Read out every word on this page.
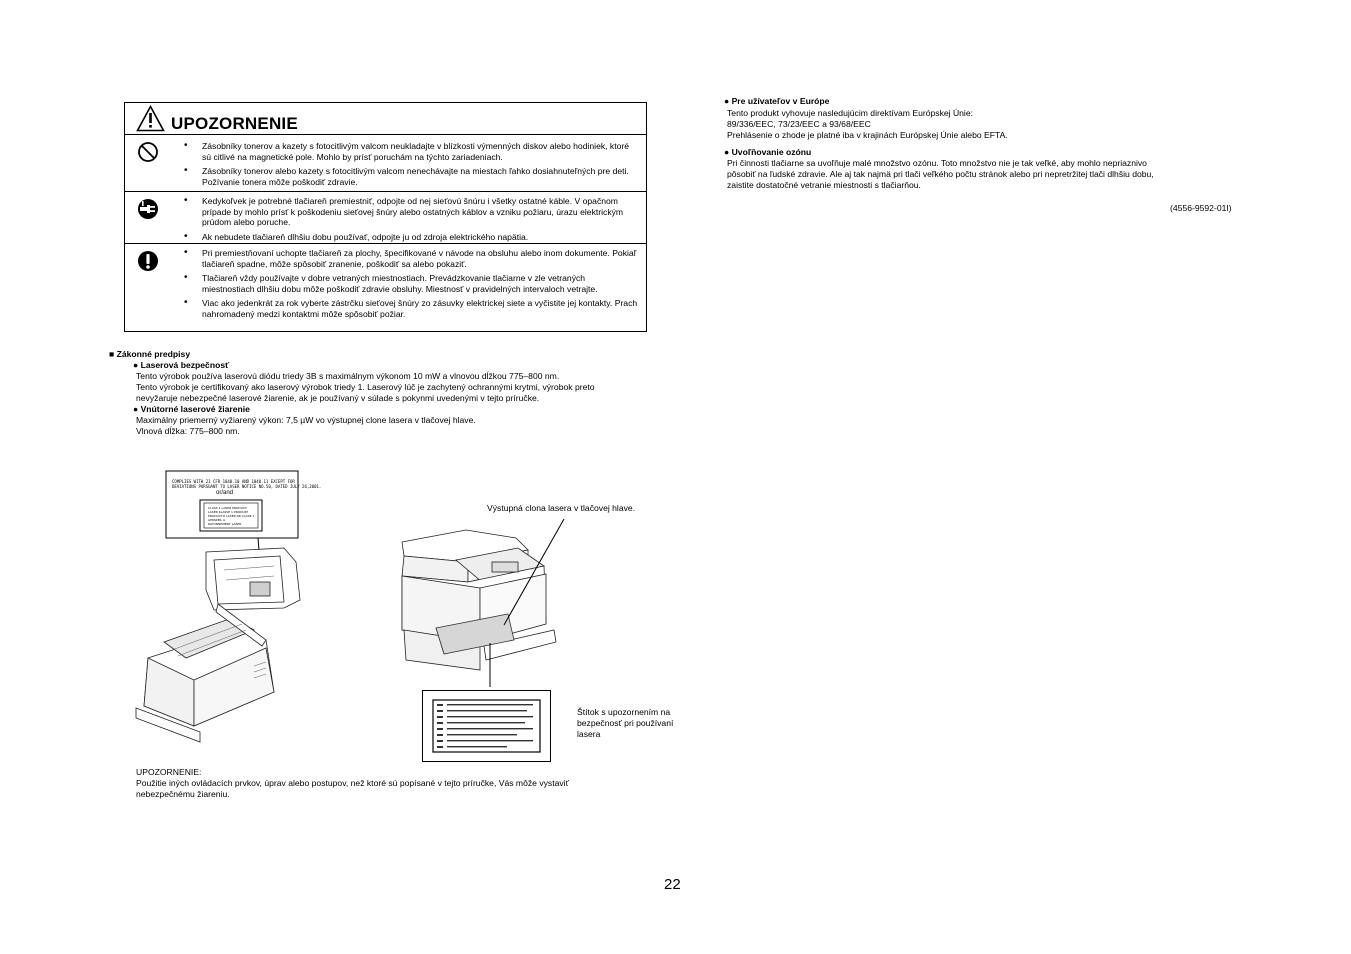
UPOZORNENIE
• Zásobníky tonerov a kazety s fotocitlivým valcom neukladajte v blízkosti výmenných diskov alebo hodiniek, ktoré sú citlivé na magnetické pole. Mohlo by prísť poruchám na týchto zariadeniach.
• Zásobníky tonerov alebo kazety s fotocitlivým valcom nenechávajte na miestach ľahko dosiahnuteľných pre deti. Požívanie tonera môže poškodiť zdravie.
• Kedykoľvek je potrebné tlačiareň premiestniť, odpojte od nej sieťovú šnúru i všetky ostatné káble. V opačnom prípade by mohlo prísť k poškodeniu sieťovej šnúry alebo ostatných káblov a vzniku požiaru, úrazu elektrickým prúdom alebo poruche.
• Ak nebudete tlačiareň dlhšiu dobu používať, odpojte ju od zdroja elektrického napätia.
• Pri premiestňovaní uchopte tlačiareň za plochy, špecifikované v návode na obsluhu alebo inom dokumente. Pokiaľ tlačiareň spadne, môže spôsobiť zranenie, poškodiť sa alebo pokaziť.
• Tlačiareň vždy používajte v dobre vetraných miestnostiach. Prevádzkovanie tlačiarne v zle vetraných miestnostiach dlhšiu dobu môže poškodiť zdravie obsluhy. Miestnosť v pravidelných intervaloch vetrajte.
• Viac ako jedenkrát za rok vyberte zástrčku sieťovej šnúry zo zásuvky elektrickej siete a vyčistite jej kontakty. Prach nahromadený medzi kontaktmi môže spôsobiť požiar.
■ Zákonné predpisy
● Laserová bezpečnosť
Tento výrobok používa laserovú diódu triedy 3B s maximálnym výkonom 10 mW a vlnovou dĺžkou 775–800 nm.
Tento výrobok je certifikovaný ako laserový výrobok triedy 1. Laserový lúč je zachytený ochrannými krytmi, výrobok preto
nevyžaruje nebezpečné laserové žiarenie, ak je používaný v súlade s pokynmi uvedenými v tejto príručke.
● Vnútorné laserové žiarenie
Maximálny priemerný vyžiarený výkon: 7,5 µW vo výstupnej clone lasera v tlačovej hlave.
Vlnová dĺžka: 775–800 nm.
COMPLIES WITH 21 CFR 1040.10 AND 1040.11 EXCEPT FOR
DEVIATIONS PURSUANT TO LASER NOTICE NO.50, DATED JULY 26,2001.
or/and
CLASS 1 LASER PRODUCT
LASER KLASSE 1 PRODUKT
PRODUCTO LASER DE CLASE 1
APPAREIL A
RAYONNEMENT LASER
Výstupná clona lasera v tlačovej hlave.
Štítok s upozornením na
bezpečnosť pri používaní
lasera
UPOZORNENIE:
Použitie iných ovládacích prvkov, úprav alebo postupov, než ktoré sú popísané v tejto príručke, Vás môže vystaviť
nebezpečnému žiareniu.
● Pre užívateľov v Európe
Tento produkt vyhovuje nasledujúcim direktívam Európskej Únie:
89/336/EEC, 73/23/EEC a 93/68/EEC
Prehlásenie o zhode je platné iba v krajinách Európskej Únie alebo EFTA.
● Uvoľňovanie ozónu
Pri činnosti tlačiarne sa uvoľňuje malé množstvo ozónu. Toto množstvo nie je tak veľké, aby mohlo nepriaznivo
pôsobiť na ľudské zdravie. Ale aj tak najmä pri tlači veľkého počtu stránok alebo pri nepretržitej tlači dlhšiu dobu,
zaistite dostatočné vetranie miestnosti s tlačiarňou.
(4556-9592-01I)
22
